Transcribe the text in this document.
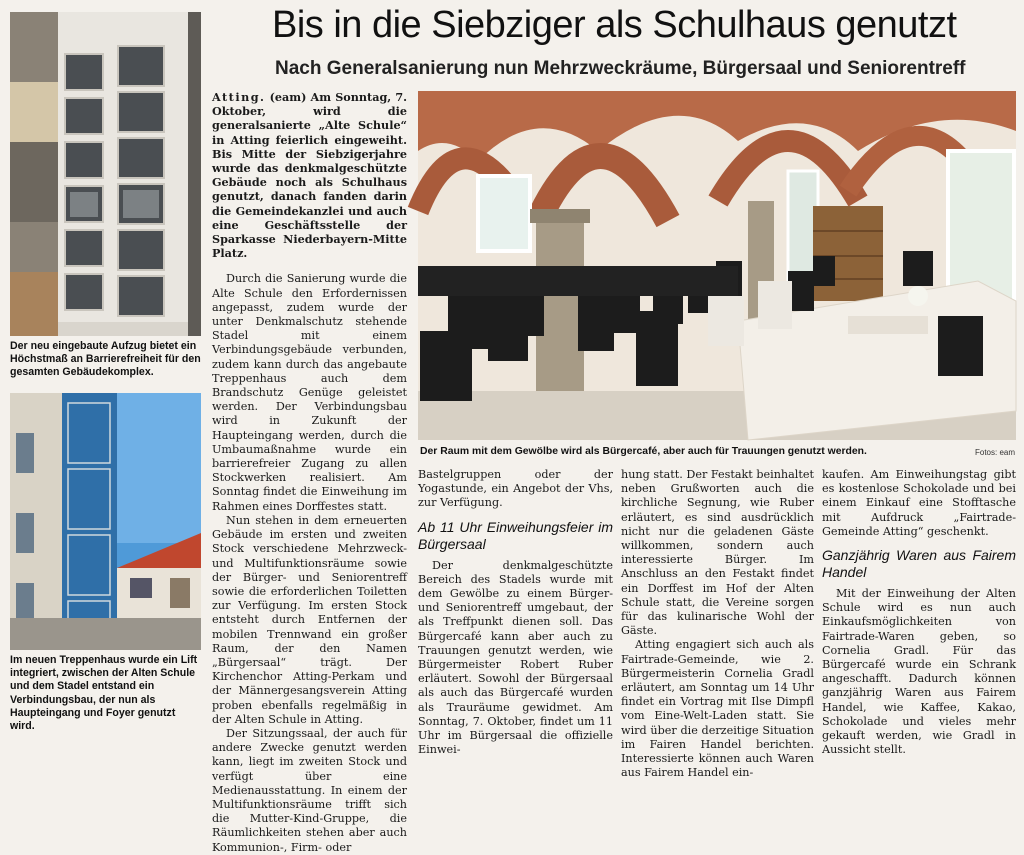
Bis in die Siebziger als Schulhaus genutzt
Nach Generalsanierung nun Mehrzweckräume, Bürgersaal und Seniorentreff
Der neu eingebaute Aufzug bietet ein Höchstmaß an Barrierefreiheit für den gesamten Gebäudekomplex.
Im neuen Treppenhaus wurde ein Lift integriert, zwischen der Alten Schule und dem Stadel entstand ein Verbindungsbau, der nun als Haupteingang und Foyer genutzt wird.
Der Raum mit dem Gewölbe wird als Bürgercafé, aber auch für Trauungen genutzt werden.	Fotos: eam

Atting. (eam) Am Sonntag, 7. Oktober, wird die generalsanierte „Alte Schule“ in Atting feierlich eingeweiht. Bis Mitte der Siebzigerjahre wurde das denkmalgeschützte Gebäude noch als Schulhaus genutzt, danach fanden darin die Gemeindekanzlei und auch eine Geschäftsstelle der Sparkasse Niederbayern-Mitte Platz.

Durch die Sanierung wurde die Alte Schule den Erfordernissen angepasst, zudem wurde der unter Denkmalschutz stehende Stadel mit einem Verbindungsgebäude verbunden, zudem kann durch das angebaute Treppenhaus auch dem Brandschutz Genüge geleistet werden. Der Verbindungsbau wird in Zukunft der Haupteingang werden, durch die Umbaumaßnahme wurde ein barrierefreier Zugang zu allen Stockwerken realisiert. Am Sonntag findet die Einweihung im Rahmen eines Dorffestes statt.

Nun stehen in dem erneuerten Gebäude im ersten und zweiten Stock verschiedene Mehrzweck- und Multifunktionsräume sowie der Bürger- und Seniorentreff sowie die erforderlichen Toiletten zur Verfügung. Im ersten Stock entsteht durch Entfernen der mobilen Trennwand ein großer Raum, der den Namen „Bürgersaal“ trägt. Der Kirchenchor Atting-Perkam und der Männergesangsverein Atting proben ebenfalls regelmäßig in der Alten Schule in Atting.

Der Sitzungssaal, der auch für andere Zwecke genutzt werden kann, liegt im zweiten Stock und verfügt über eine Medienausstattung. In einem der Multifunktionsräume trifft sich die Mutter-Kind-Gruppe, die Räumlichkeiten stehen aber auch Kommunion-, Firm- oder

Bastelgruppen oder der Yogastunde, ein Angebot der Vhs, zur Verfügung.

Ab 11 Uhr Einweihungsfeier im Bürgersaal

Der denkmalgeschützte Bereich des Stadels wurde mit dem Gewölbe zu einem Bürger- und Seniorentreff umgebaut, der als Treffpunkt dienen soll. Das Bürgercafé kann aber auch zu Trauungen genutzt werden, wie Bürgermeister Robert Ruber erläutert. Sowohl der Bürgersaal als auch das Bürgercafé wurden als Trauräume gewidmet. Am Sonntag, 7. Oktober, findet um 11 Uhr im Bürgersaal die offizielle Einwei-

hung statt. Der Festakt beinhaltet neben Grußworten auch die kirchliche Segnung, wie Ruber erläutert, es sind ausdrücklich nicht nur die geladenen Gäste willkommen, sondern auch interessierte Bürger. Im Anschluss an den Festakt findet ein Dorffest im Hof der Alten Schule statt, die Vereine sorgen für das kulinarische Wohl der Gäste.

Atting engagiert sich auch als Fairtrade-Gemeinde, wie 2. Bürgermeisterin Cornelia Gradl erläutert, am Sonntag um 14 Uhr findet ein Vortrag mit Ilse Dimpfl vom Eine-Welt-Laden statt. Sie wird über die derzeitige Situation im Fairen Handel berichten. Interessierte können auch Waren aus Fairem Handel ein-

kaufen. Am Einweihungstag gibt es kostenlose Schokolade und bei einem Einkauf eine Stofftasche mit Aufdruck „Fairtrade-Gemeinde Atting“ geschenkt.

Ganzjährig Waren aus Fairem Handel

Mit der Einweihung der Alten Schule wird es nun auch Einkaufsmöglichkeiten von Fairtrade-Waren geben, so Cornelia Gradl. Für das Bürgercafé wurde ein Schrank angeschafft. Dadurch können ganzjährig Waren aus Fairem Handel, wie Kaffee, Kakao, Schokolade und vieles mehr gekauft werden, wie Gradl in Aussicht stellt.
